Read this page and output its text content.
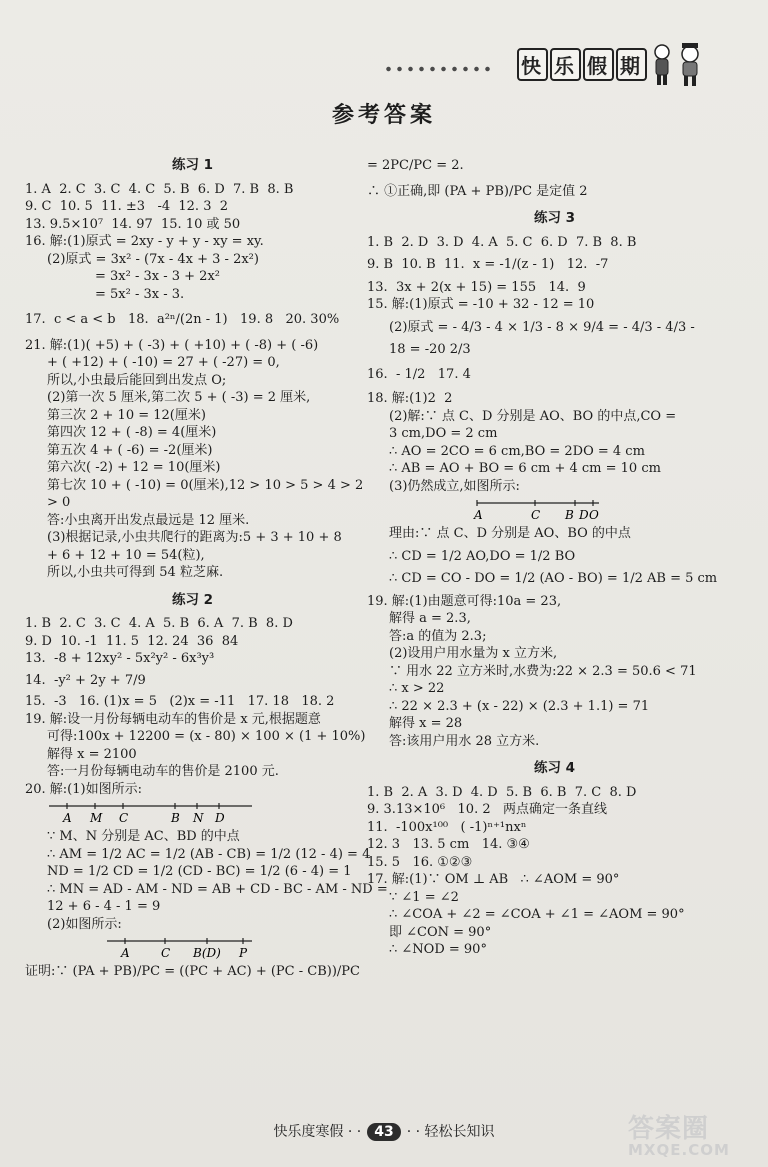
快 乐 假 期
参考答案
练习 1
1. A  2. C  3. C  4. C  5. B  6. D  7. B  8. B
9. C  10. 5  11. ±3   -4  12. 3  2
13. 9.5×10⁷  14. 97  15. 10 或 50
16. 解:(1)原式 = 2xy - y + y - xy = xy.
(2)原式 = 3x² - (7x - 4x + 3 - 2x²)
= 3x² - 3x - 3 + 2x²
= 5x² - 3x - 3.
17.  c < a < b   18.  a²ⁿ/(2n - 1)   19. 8   20. 30%
21. 解:(1)( +5) + ( -3) + ( +10) + ( -8) + ( -6)
+ ( +12) + ( -10) = 27 + ( -27) = 0,
所以,小虫最后能回到出发点 O;
(2)第一次 5 厘米,第二次 5 + ( -3) = 2 厘米,
第三次 2 + 10 = 12(厘米)
第四次 12 + ( -8) = 4(厘米)
第五次 4 + ( -6) = -2(厘米)
第六次( -2) + 12 = 10(厘米)
第七次 10 + ( -10) = 0(厘米),12 > 10 > 5 > 4 > 2
> 0
答:小虫离开出发点最远是 12 厘米.
(3)根据记录,小虫共爬行的距离为:5 + 3 + 10 + 8
+ 6 + 12 + 10 = 54(粒),
所以,小虫共可得到 54 粒芝麻.
练习 2
1. B  2. C  3. C  4. A  5. B  6. A  7. B  8. D
9. D  10. -1  11. 5  12. 24  36  84
13.  -8 + 12xy² - 5x²y² - 6x³y³
14.  -y² + 2y + 7/9
15.  -3   16. (1)x = 5   (2)x = -11   17. 18   18. 2
19. 解:设一月份每辆电动车的售价是 x 元,根据题意
可得:100x + 12200 = (x - 80) × 100 × (1 + 10%)
解得 x = 2100
答:一月份每辆电动车的售价是 2100 元.
20. 解:(1)如图所示:
A M C	B N D
∵ M、N 分别是 AC、BD 的中点
∴ AM = 1/2 AC = 1/2 (AB - CB) = 1/2 (12 - 4) = 4
ND = 1/2 CD = 1/2 (CD - BC) = 1/2 (6 - 4) = 1
∴ MN = AD - AM - ND = AB + CD - BC - AM - ND =
12 + 6 - 4 - 1 = 9
(2)如图所示:
A	C B(D) P
证明:∵ (PA + PB)/PC = ((PC + AC) + (PC - CB))/PC
= 2PC/PC = 2.
∴ ①正确,即 (PA + PB)/PC 是定值 2
练习 3
1. B  2. D  3. D  4. A  5. C  6. D  7. B  8. B
9. B  10. B  11.  x = -1/(z - 1)   12.  -7
13.  3x + 2(x + 15) = 155   14.  9
15. 解:(1)原式 = -10 + 32 - 12 = 10
(2)原式 = - 4/3 - 4 × 1/3 - 8 × 9/4 = - 4/3 - 4/3 -
18 = -20 2/3
16.  - 1/2   17. 4
18. 解:(1)2  2
(2)解:∵ 点 C、D 分别是 AO、BO 的中点,CO =
3 cm,DO = 2 cm
∴ AO = 2CO = 6 cm,BO = 2DO = 4 cm
∴ AB = AO + BO = 6 cm + 4 cm = 10 cm
(3)仍然成立,如图所示:
A	C B D O
理由:∵ 点 C、D 分别是 AO、BO 的中点
∴ CD = 1/2 AO,DO = 1/2 BO
∴ CD = CO - DO = 1/2 (AO - BO) = 1/2 AB = 5 cm
19. 解:(1)由题意可得:10a = 23,
解得 a = 2.3,
答:a 的值为 2.3;
(2)设用户用水量为 x 立方米,
∵ 用水 22 立方米时,水费为:22 × 2.3 = 50.6 < 71
∴ x > 22
∴ 22 × 2.3 + (x - 22) × (2.3 + 1.1) = 71
解得 x = 28
答:该用户用水 28 立方米.
练习 4
1. B  2. A  3. D  4. D  5. B  6. B  7. C  8. D
9. 3.13×10⁶   10. 2   两点确定一条直线
11.  -100x¹⁰⁰   ( -1)ⁿ⁺¹nxⁿ
12. 3   13. 5 cm   14. ③④
15. 5   16. ①②③
17. 解:(1)∵ OM ⊥ AB   ∴ ∠AOM = 90°
∵ ∠1 = ∠2
∴ ∠COA + ∠2 = ∠COA + ∠1 = ∠AOM = 90°
即 ∠CON = 90°
∴ ∠NOD = 90°
快乐度寒假 · · 43 · · 轻松长知识	答案圈
MXQE.COM
